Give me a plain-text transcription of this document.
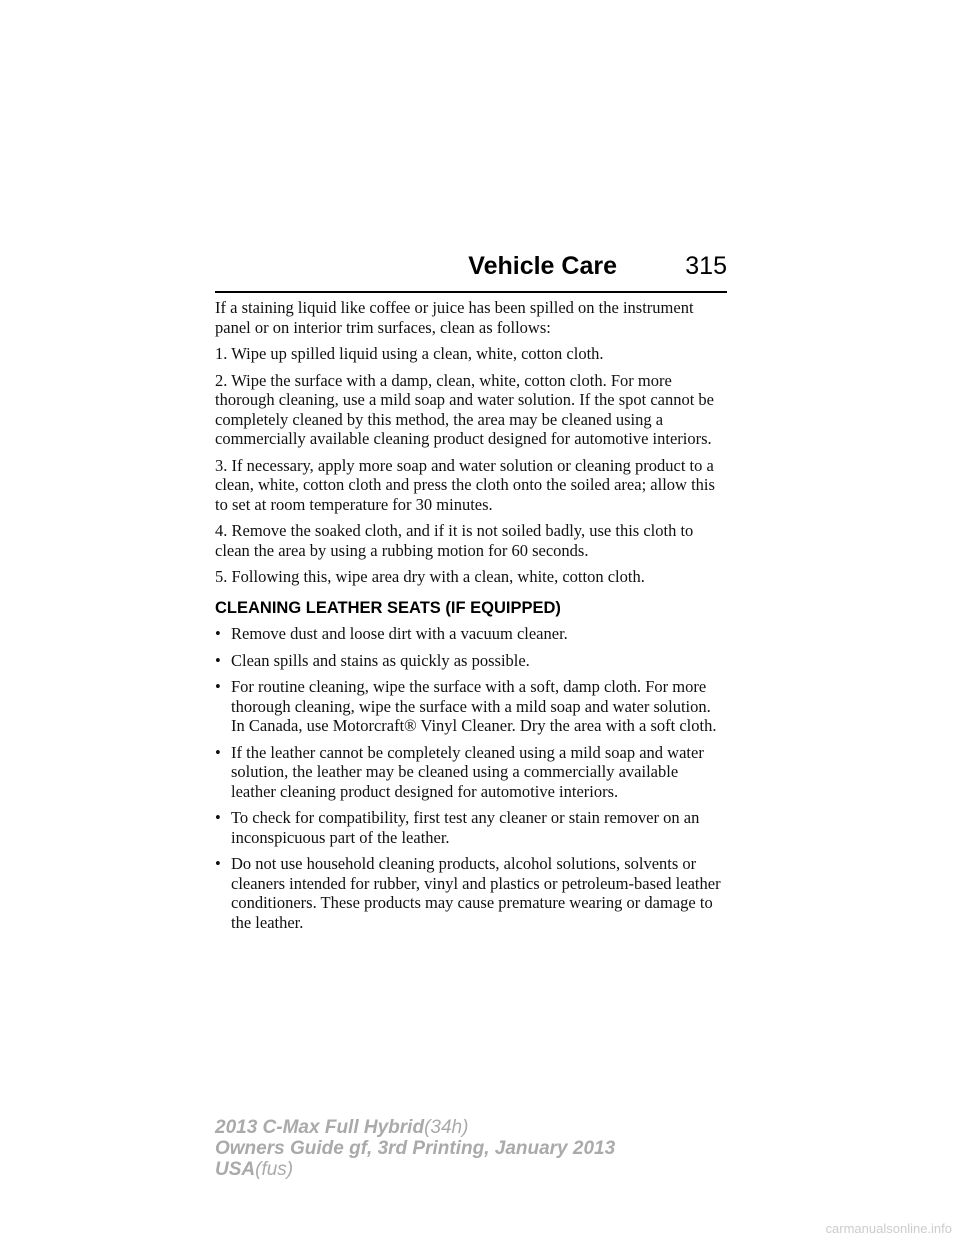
Vehicle Care	315

If a staining liquid like coffee or juice has been spilled on the instrument panel or on interior trim surfaces, clean as follows:

1. Wipe up spilled liquid using a clean, white, cotton cloth.

2. Wipe the surface with a damp, clean, white, cotton cloth. For more thorough cleaning, use a mild soap and water solution. If the spot cannot be completely cleaned by this method, the area may be cleaned using a commercially available cleaning product designed for automotive interiors.

3. If necessary, apply more soap and water solution or cleaning product to a clean, white, cotton cloth and press the cloth onto the soiled area; allow this to set at room temperature for 30 minutes.

4. Remove the soaked cloth, and if it is not soiled badly, use this cloth to clean the area by using a rubbing motion for 60 seconds.

5. Following this, wipe area dry with a clean, white, cotton cloth.

CLEANING LEATHER SEATS (IF EQUIPPED)
• Remove dust and loose dirt with a vacuum cleaner.
• Clean spills and stains as quickly as possible.
• For routine cleaning, wipe the surface with a soft, damp cloth. For more thorough cleaning, wipe the surface with a mild soap and water solution. In Canada, use Motorcraft® Vinyl Cleaner. Dry the area with a soft cloth.
• If the leather cannot be completely cleaned using a mild soap and water solution, the leather may be cleaned using a commercially available leather cleaning product designed for automotive interiors.
• To check for compatibility, first test any cleaner or stain remover on an inconspicuous part of the leather.
• Do not use household cleaning products, alcohol solutions, solvents or cleaners intended for rubber, vinyl and plastics or petroleum-based leather conditioners. These products may cause premature wearing or damage to the leather.
2013 C-Max Full Hybrid(34h)
Owners Guide gf, 3rd Printing, January 2013
USA(fus)
carmanualsonline.info
